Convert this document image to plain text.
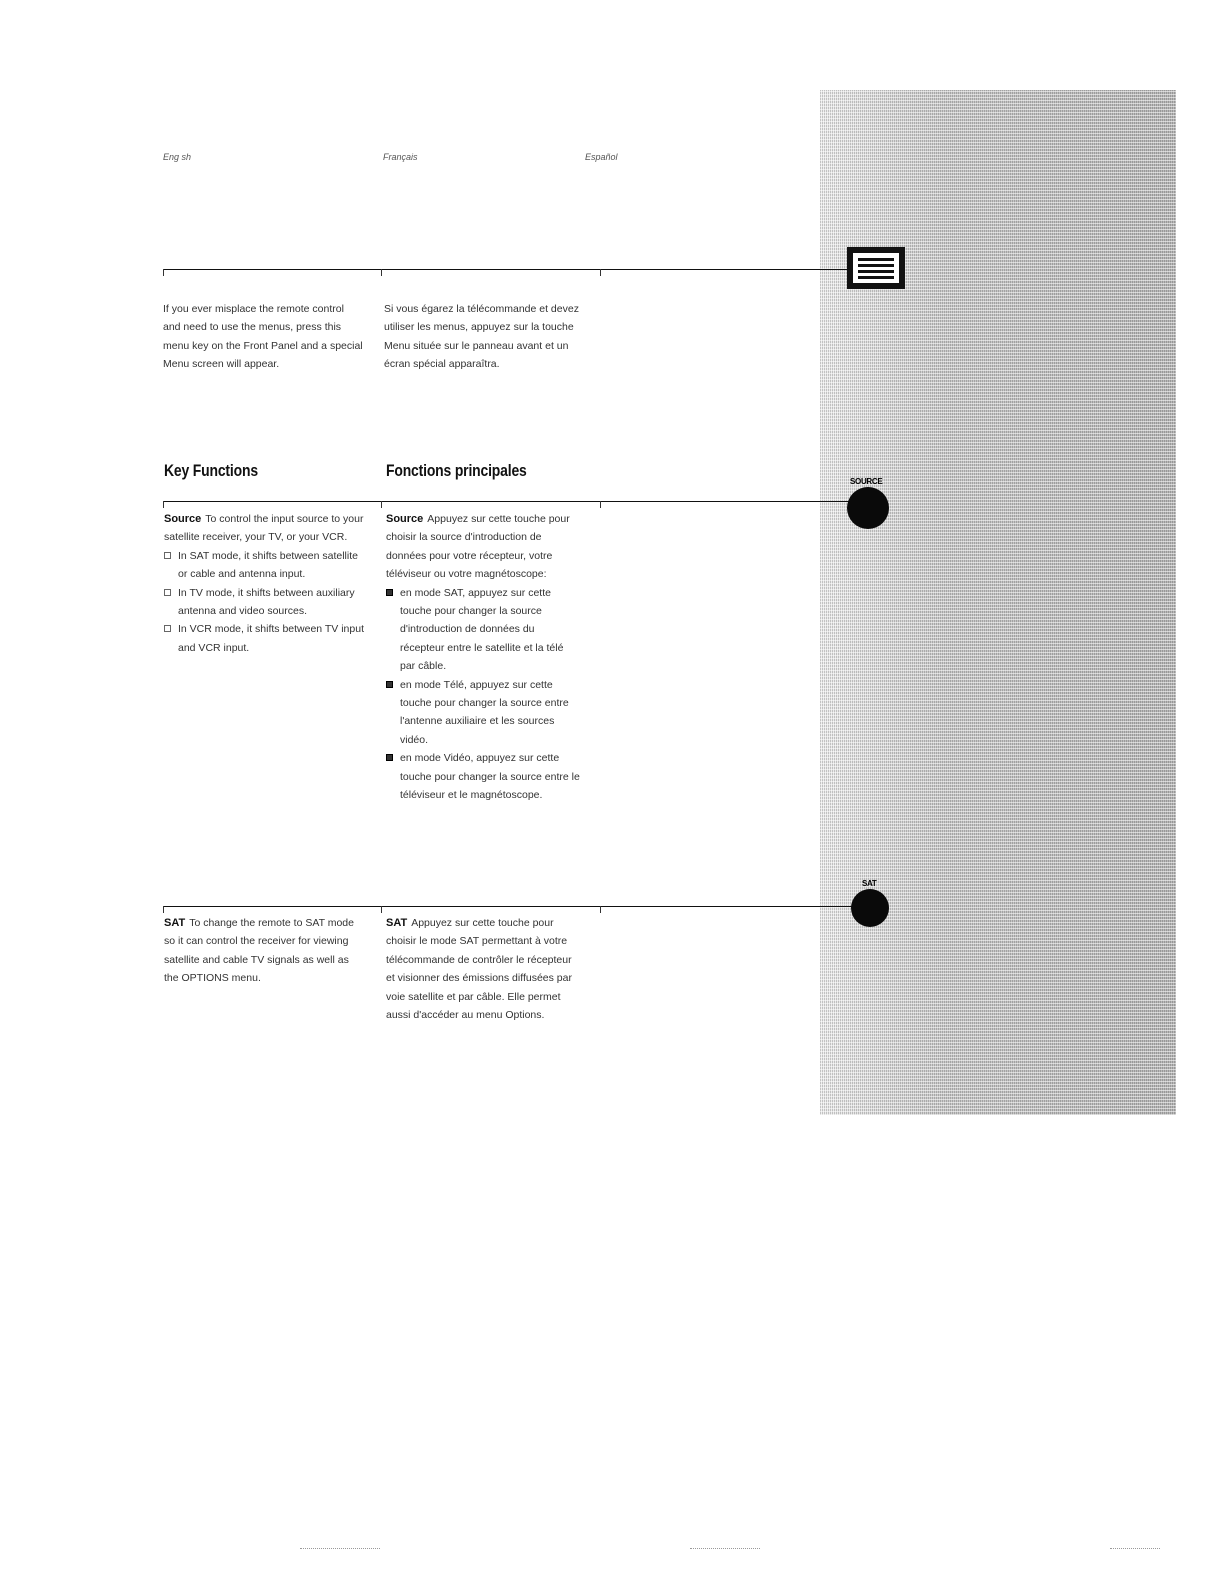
Eng sh	Français	Español
If you ever misplace the remote control and need to use the menus, press this menu key on the Front Panel and a special Menu screen will appear.
Si vous égarez la télécommande et devez utiliser les menus, appuyez sur la touche Menu située sur le panneau avant et un écran spécial apparaîtra.
Key Functions	Fonctions principales
SOURCE
Source To control the input source to your satellite receiver, your TV, or your VCR.
In SAT mode, it shifts between satellite or cable and antenna input.
In TV mode, it shifts between auxiliary antenna and video sources.
In VCR mode, it shifts between TV input and VCR input.
Source Appuyez sur cette touche pour choisir la source d'introduction de données pour votre récepteur, votre téléviseur ou votre magnétoscope:
en mode SAT, appuyez sur cette touche pour changer la source d'introduction de données du récepteur entre le satellite et la télé par câble.
en mode Télé, appuyez sur cette touche pour changer la source entre l'antenne auxiliaire et les sources vidéo.
en mode Vidéo, appuyez sur cette touche pour changer la source entre le téléviseur et le magnétoscope.
SAT
SAT To change the remote to SAT mode so it can control the receiver for viewing satellite and cable TV signals as well as the OPTIONS menu.
SAT Appuyez sur cette touche pour choisir le mode SAT permettant à votre télécommande de contrôler le récepteur et visionner des émissions diffusées par voie satellite et par câble. Elle permet aussi d'accéder au menu Options.
